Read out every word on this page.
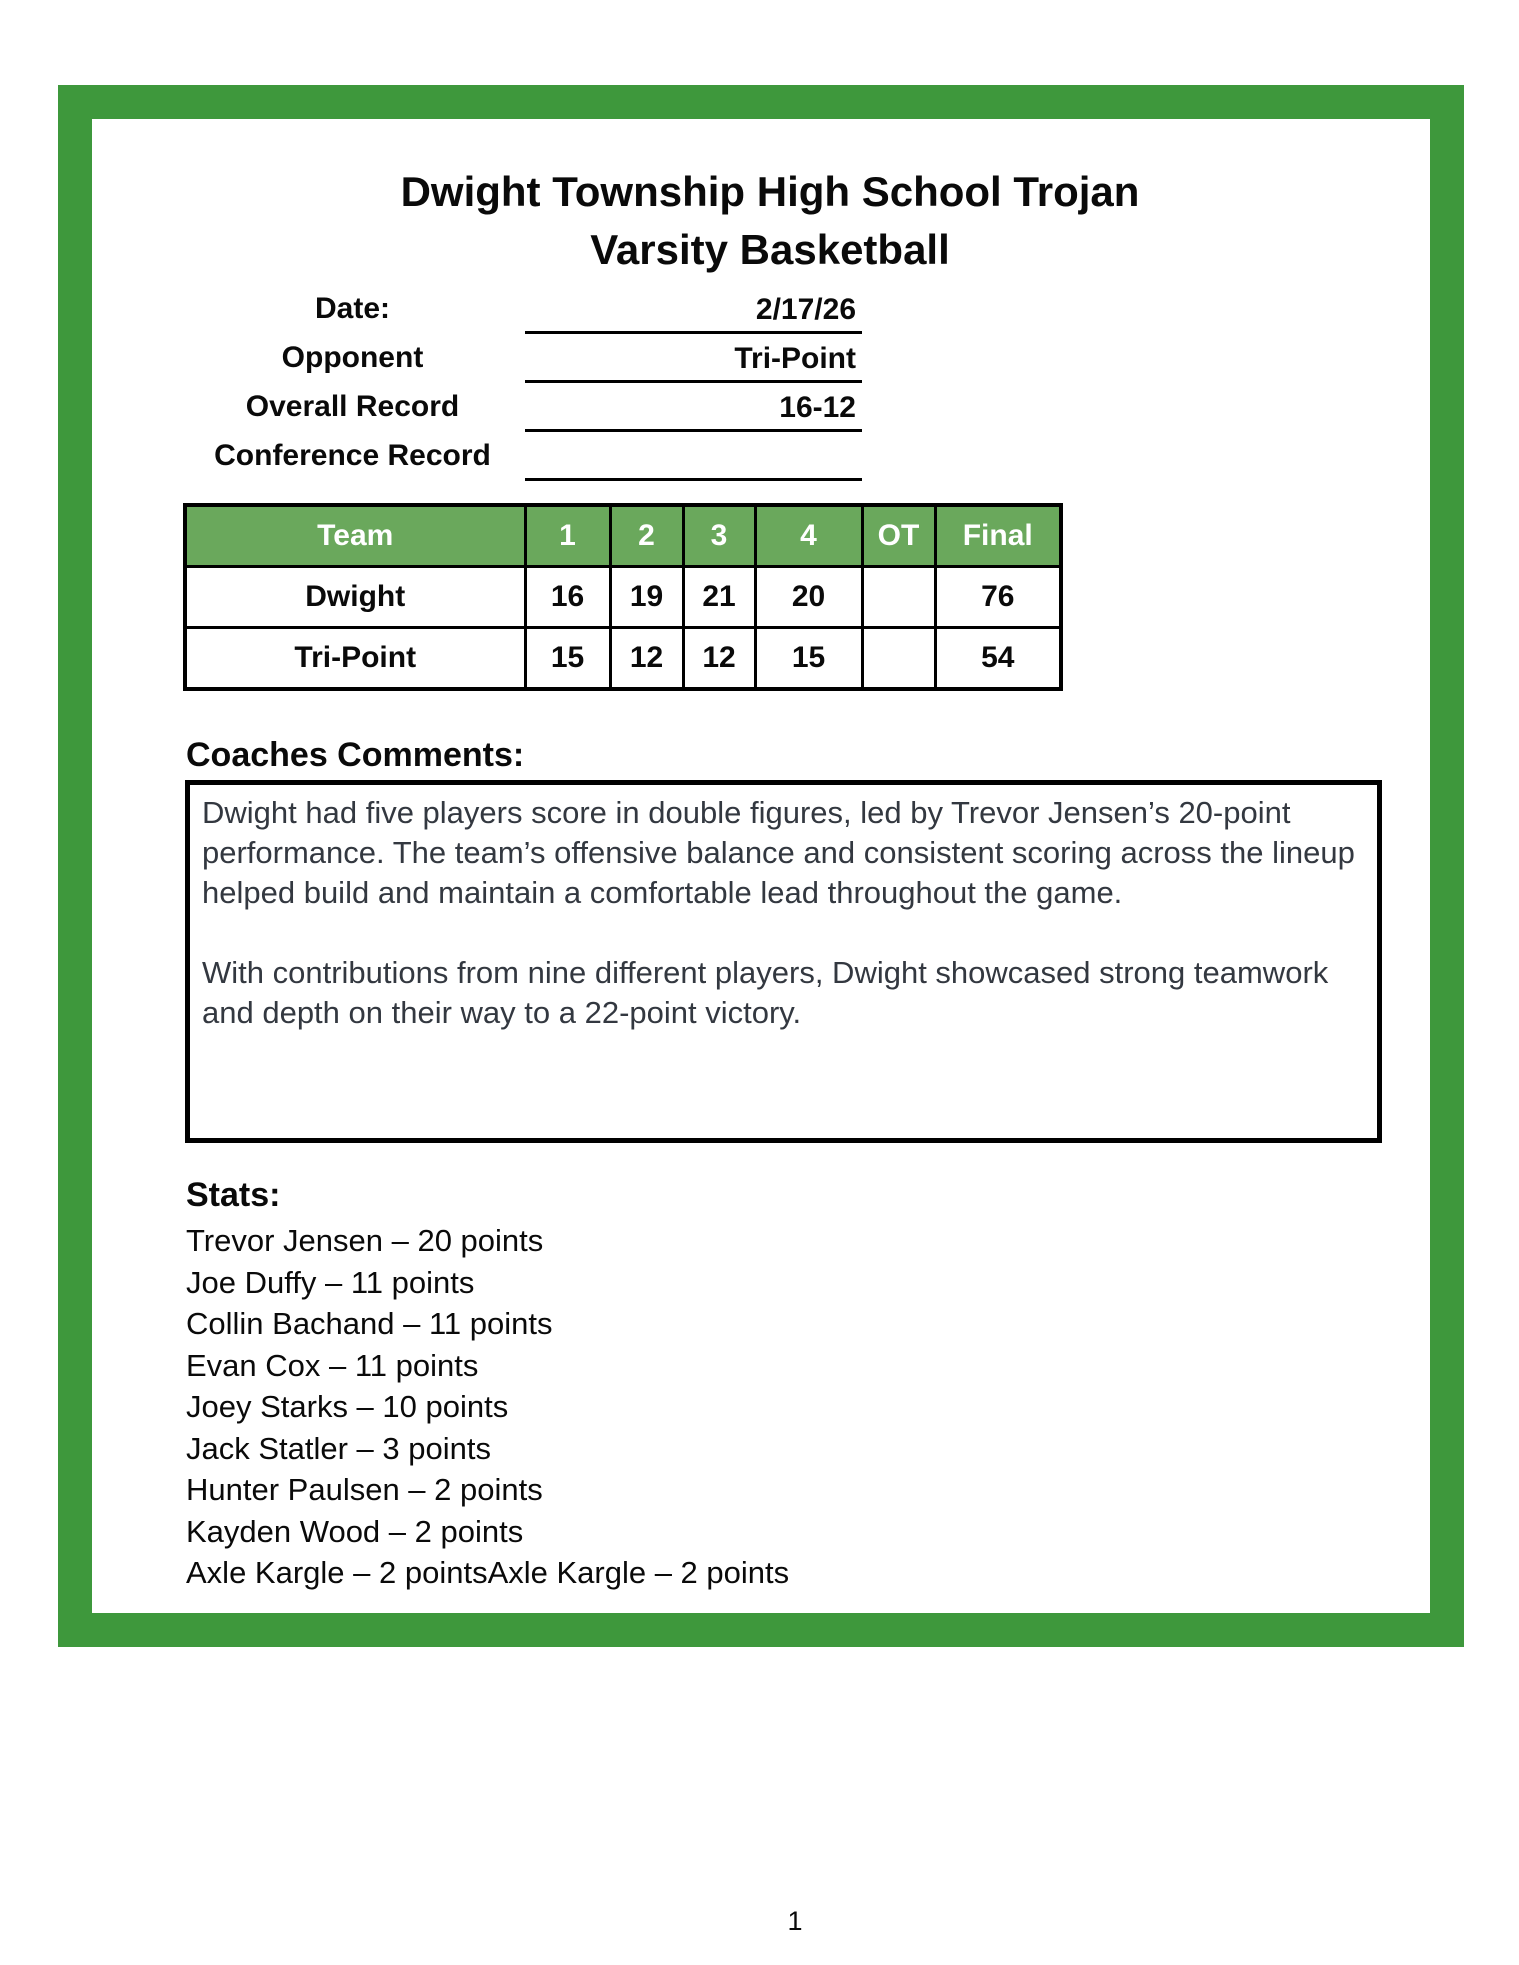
Dwight Township High School Trojan
Varsity Basketball
Date:	2/17/26
Opponent	Tri-Point
Overall Record	16-12
Conference Record
Team	1	2	3	4	OT	Final
Dwight	16	19	21	20		76
Tri-Point	15	12	12	15		54
Coaches Comments:

Dwight had five players score in double figures, led by Trevor Jensen’s 20-point performance. The team’s offensive balance and consistent scoring across the lineup helped build and maintain a comfortable lead throughout the game.

With contributions from nine different players, Dwight showcased strong teamwork and depth on their way to a 22-point victory.

Stats:
Trevor Jensen – 20 points
Joe Duffy – 11 points
Collin Bachand – 11 points
Evan Cox – 11 points
Joey Starks – 10 points
Jack Statler – 3 points
Hunter Paulsen – 2 points
Kayden Wood – 2 points
Axle Kargle – 2 pointsAxle Kargle – 2 points
1
